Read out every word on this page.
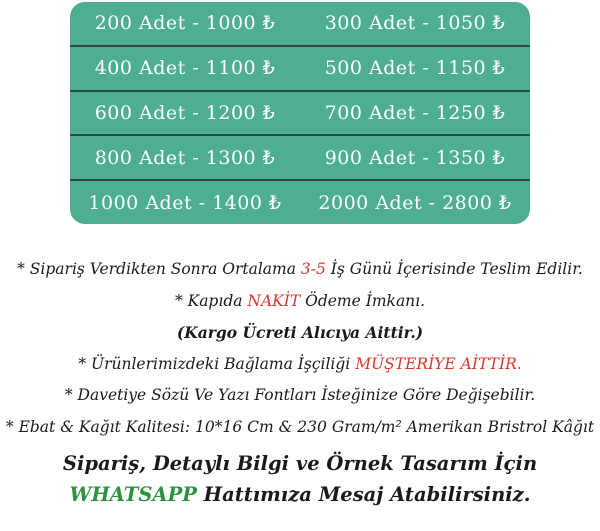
200 Adet - 1000 ₺	300 Adet - 1050 ₺
400 Adet - 1100 ₺	500 Adet - 1150 ₺
600 Adet - 1200 ₺	700 Adet - 1250 ₺
800 Adet - 1300 ₺	900 Adet - 1350 ₺
1000 Adet - 1400 ₺	2000 Adet - 2800 ₺
* Sipariş Verdikten Sonra Ortalama 3-5 İş Günü İçerisinde Teslim Edilir.
* Kapıda NAKİT Ödeme İmkanı.
(Kargo Ücreti Alıcıya Aittir.)
* Ürünlerimizdeki Bağlama İşçiliği MÜŞTERİYE AİTTİR.
* Davetiye Sözü Ve Yazı Fontları İsteğinize Göre Değişebilir.
* Ebat & Kağıt Kalitesi: 10*16 Cm & 230 Gram/m² Amerikan Bristrol Kâğıt
Sipariş, Detaylı Bilgi ve Örnek Tasarım İçin
WHATSAPP Hattımıza Mesaj Atabilirsiniz.
